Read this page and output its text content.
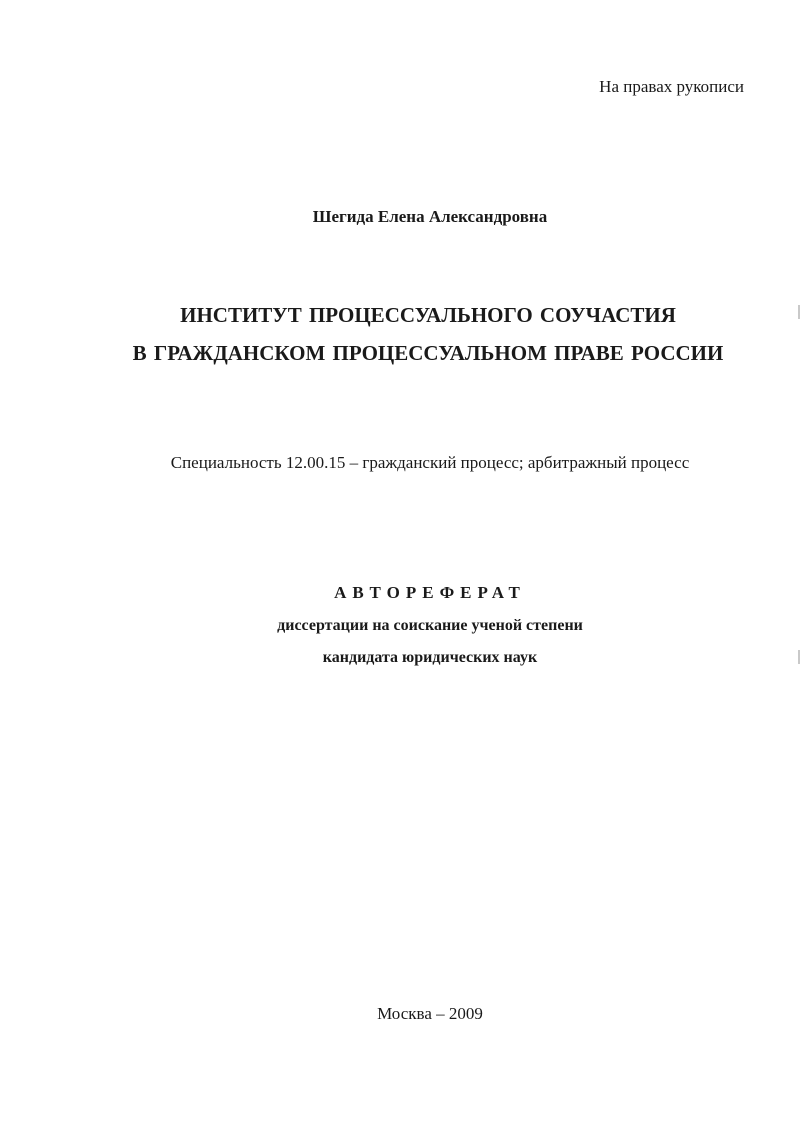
На правах рукописи
Шегида Елена Александровна
ИНСТИТУТ ПРОЦЕССУАЛЬНОГО СОУЧАСТИЯ
В ГРАЖДАНСКОМ ПРОЦЕССУАЛЬНОМ ПРАВЕ РОССИИ
Специальность 12.00.15 – гражданский процесс; арбитражный процесс
АВТОРЕФЕРАТ
диссертации на соискание ученой степени
кандидата юридических наук
Москва – 2009
